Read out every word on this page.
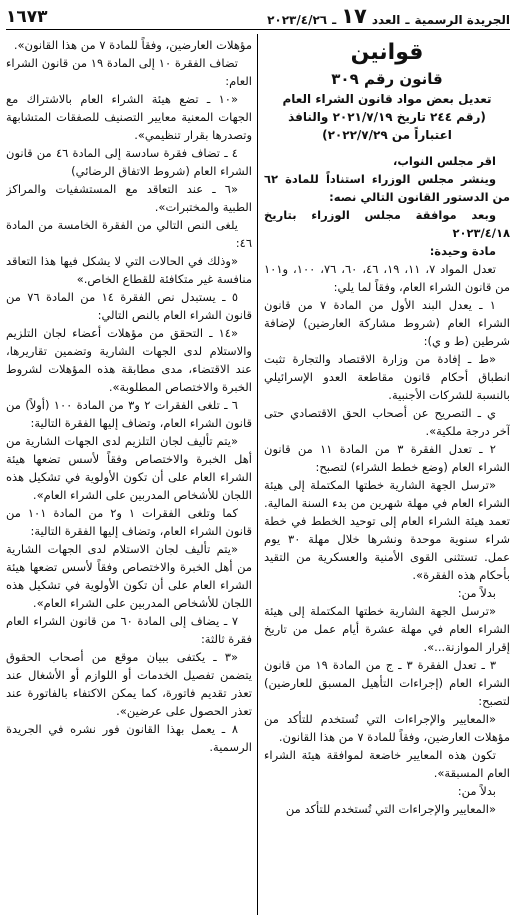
الجريدة الرسمية
ـ
العدد
١٧
ـ
٢٠٢٣/٤/٢٦
١٦٧٣

قوانين

قانون رقم ٣٠٩

تعديل بعض مواد قانون الشراء العام (رقم ٢٤٤ تاريخ ٢٠٢١/٧/١٩ والنافذ اعتباراً من ٢٠٢٢/٧/٢٩)

اقر مجلس النواب،

وينشر مجلس الوزراء استناداً للمادة ٦٢ من الدستور القانون التالي نصه:

وبعد موافقة مجلس الوزراء بتاريخ ٢٠٢٣/٤/١٨

مادة وحيدة:

تعدل المواد ٧، ١١، ١٩، ٤٦، ٦٠، ٧٦، ١٠٠، و١٠١ من قانون الشراء العام، وفقاً لما يلي:

١ ـ يعدل البند الأول من المادة ٧ من قانون الشراء العام (شروط مشاركة العارضين) لإضافة شرطين (ط و ي):

«ط ـ إفادة من وزارة الاقتصاد والتجارة تثبت انطباق أحكام قانون مقاطعة العدو الإسرائيلي بالنسبة للشركات الأجنبية.

ي ـ التصريح عن أصحاب الحق الاقتصادي حتى آخر درجة ملكية».

٢ ـ تعدل الفقرة ٣ من المادة ١١ من قانون الشراء العام (وضع خطط الشراء) لتصبح:

«ترسل الجهة الشارية خطتها المكتملة إلى هيئة الشراء العام في مهلة شهرين من بدء السنة المالية. تعمد هيئة الشراء العام إلى توحيد الخطط في خطة شراء سنوية موحدة ونشرها خلال مهلة ٣٠ يوم عمل. تستثنى القوى الأمنية والعسكرية من التقيد بأحكام هذه الفقرة».

بدلاً من:

«ترسل الجهة الشارية خطتها المكتملة إلى هيئة الشراء العام في مهلة عشرة أيام عمل من تاريخ إقرار الموازنة...».

٣ ـ تعدل الفقرة ٣ ـ ج من المادة ١٩ من قانون الشراء العام (إجراءات التأهيل المسبق للعارضين) لتصبح:

«المعايير والإجراءات التي تُستخدم للتأكد من مؤهلات العارضين، وفقاً للمادة ٧ من هذا القانون.

تكون هذه المعايير خاضعة لموافقة هيئة الشراء العام المسبقة».

بدلاً من:

«المعايير والإجراءات التي تُستخدم للتأكد من

مؤهلات العارضين، وفقاً للمادة ٧ من هذا القانون».

تضاف الفقرة ١٠ إلى المادة ١٩ من قانون الشراء العام:

«١٠ ـ تضع هيئة الشراء العام بالاشتراك مع الجهات المعنية معايير التصنيف للصفقات المتشابهة وتصدرها بقرار تنظيمي».

٤ ـ تضاف فقرة سادسة إلى المادة ٤٦ من قانون الشراء العام (شروط الاتفاق الرضائي)

«٦ ـ عند التعاقد مع المستشفيات والمراكز الطبية والمختبرات».

يلغى النص التالي من الفقرة الخامسة من المادة ٤٦:

«وذلك في الحالات التي لا يشكل فيها هذا التعاقد منافسة غير متكافئة للقطاع الخاص.»

٥ ـ يستبدل نص الفقرة ١٤ من المادة ٧٦ من قانون الشراء العام بالنص التالي:

«١٤ ـ التحقق من مؤهلات أعضاء لجان التلزيم والاستلام لدى الجهات الشارية وتضمين تقاريرها، عند الاقتضاء، مدى مطابقة هذه المؤهلات لشروط الخبرة والاختصاص المطلوبة».

٦ ـ تلغى الفقرات ٢ و٣ من المادة ١٠٠ (أولاً) من قانون الشراء العام، وتضاف إليها الفقرة التالية:

«يتم تأليف لجان التلزيم لدى الجهات الشارية من أهل الخبرة والاختصاص وفقاً لأسس تضعها هيئة الشراء العام على أن تكون الأولوية في تشكيل هذه اللجان للأشخاص المدربين على الشراء العام».

كما وتلغى الفقرات ١ و٢ من المادة ١٠١ من قانون الشراء العام، وتضاف إليها الفقرة التالية:

«يتم تأليف لجان الاستلام لدى الجهات الشارية من أهل الخبرة والاختصاص وفقاً لأسس تضعها هيئة الشراء العام على أن تكون الأولوية في تشكيل هذه اللجان للأشخاص المدربين على الشراء العام».

٧ ـ يضاف إلى المادة ٦٠ من قانون الشراء العام فقرة ثالثة:

«٣ ـ يكتفى ببيان موقع من أصحاب الحقوق يتضمن تفصيل الخدمات أو اللوازم أو الأشغال عند تعذر تقديم فاتورة، كما يمكن الاكتفاء بالفاتورة عند تعذر الحصول على عرضين».

٨ ـ يعمل بهذا القانون فور نشره في الجريدة الرسمية.
